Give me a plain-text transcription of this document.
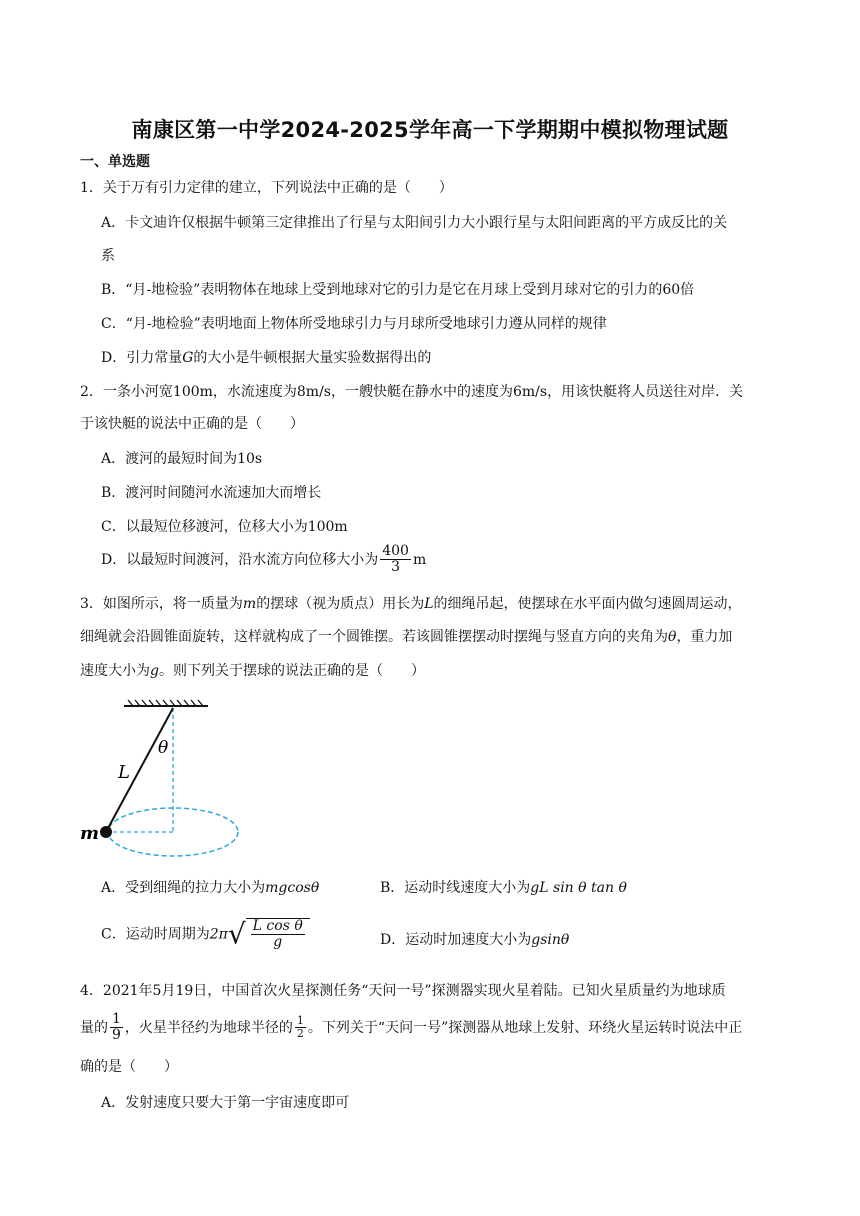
南康区第一中学2024-2025学年高一下学期期中模拟物理试题
一、单选题
1．关于万有引力定律的建立，下列说法中正确的是（　　）
A．卡文迪许仅根据牛顿第三定律推出了行星与太阳间引力大小跟行星与太阳间距离的平方成反比的关
系
B．“月-地检验”表明物体在地球上受到地球对它的引力是它在月球上受到月球对它的引力的60倍
C．“月-地检验”表明地面上物体所受地球引力与月球所受地球引力遵从同样的规律
D．引力常量G的大小是牛顿根据大量实验数据得出的
2．一条小河宽100m，水流速度为8m/s，一艘快艇在静水中的速度为6m/s，用该快艇将人员送往对岸．关
于该快艇的说法中正确的是（　　）
A．渡河的最短时间为10s
B．渡河时间随河水流速加大而增长
C．以最短位移渡河，位移大小为100m
D．以最短时间渡河，沿水流方向位移大小为 $\frac{400}{3}$ m
3．如图所示，将一质量为m的摆球（视为质点）用长为L的细绳吊起，使摆球在水平面内做匀速圆周运动，
细绳就会沿圆锥面旋转，这样就构成了一个圆锥摆。若该圆锥摆摆动时摆绳与竖直方向的夹角为θ，重力加
速度大小为g。则下列关于摆球的说法正确的是（　　）
L
θ
m
A．受到细绳的拉力大小为mgcosθ	B．运动时线速度大小为gL sin θ tan θ
C．运动时周期为$2\pi√ \frac{\text{L cos θ}}{g}$	D．运动时加速度大小为gsinθ
4．2021年5月19日，中国首次火星探测任务“天问一号”探测器实现火星着陆。已知火星质量约为地球质
量的 $\frac{1}{9}$ ，火星半径约为地球半径的 $\frac{1}{2}$ 。下列关于“天问一号”探测器从地球上发射、环绕火星运转时说法中正
确的是（　　）
A．发射速度只要大于第一宇宙速度即可
